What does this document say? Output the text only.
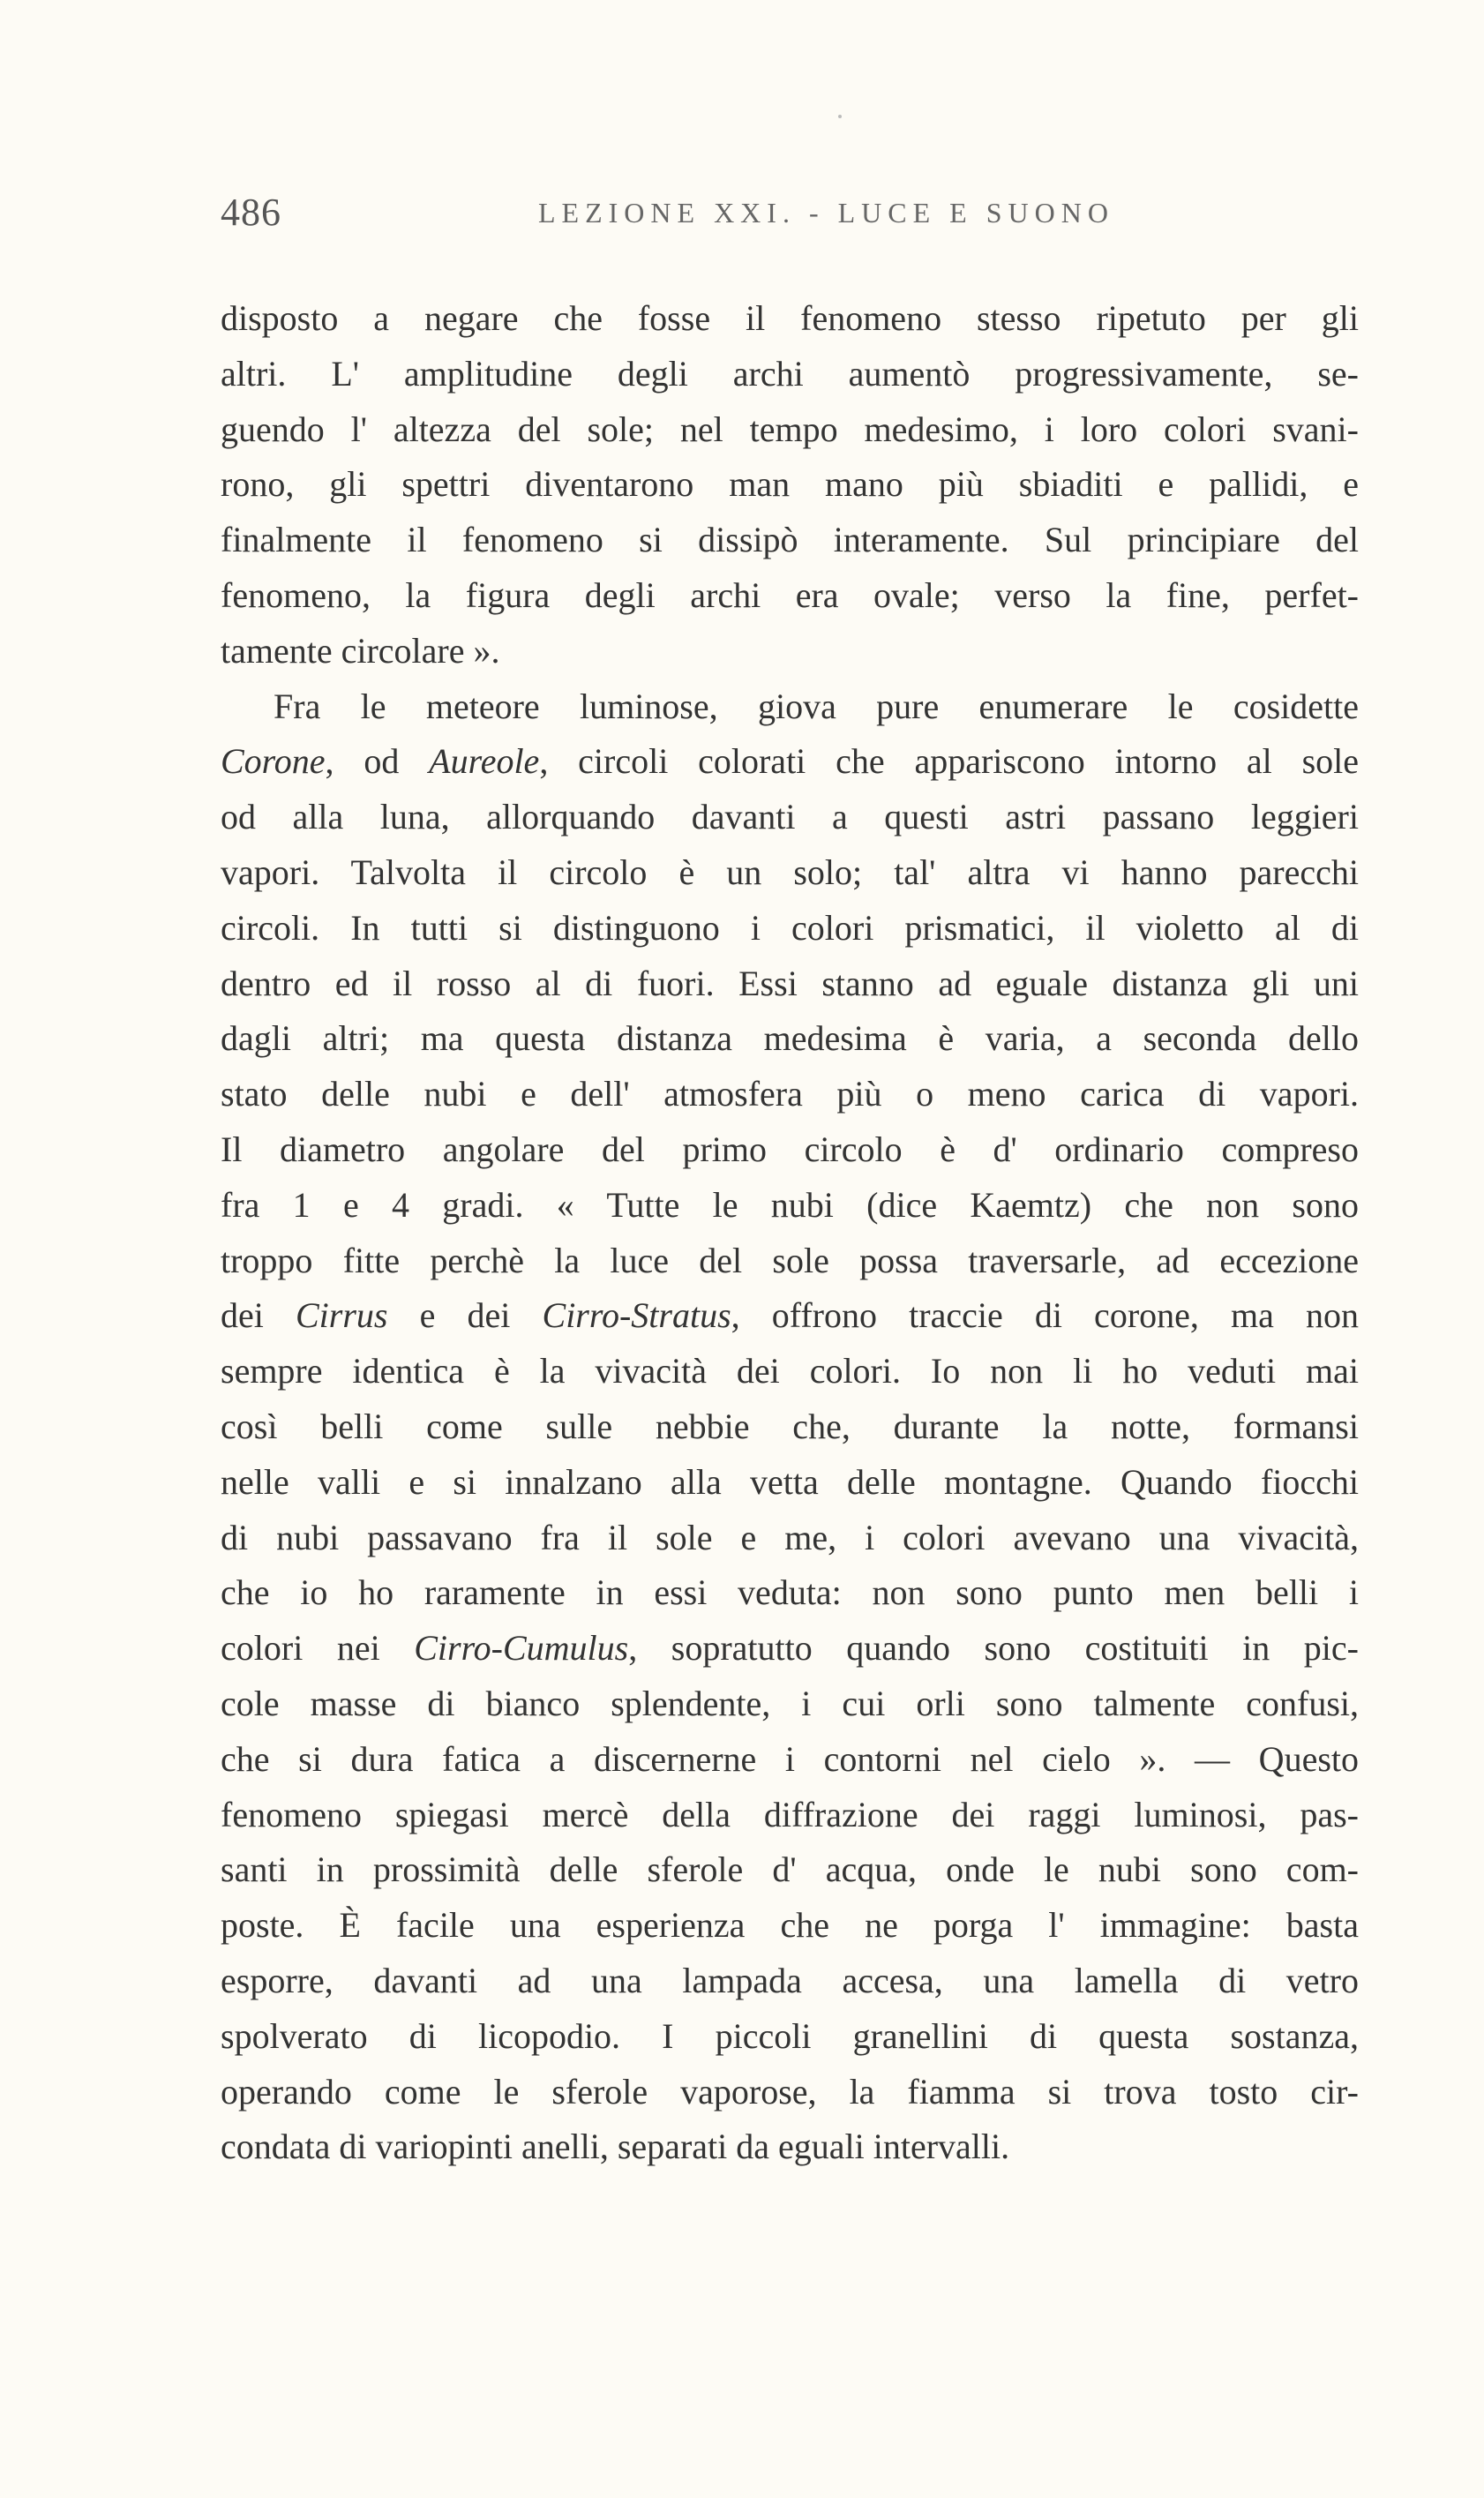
486	LEZIONE XXI. - LUCE E SUONO
disposto a negare che fosse il fenomeno stesso ripetuto per gli
altri. L' amplitudine degli archi aumentò progressivamente, se-
guendo l' altezza del sole; nel tempo medesimo, i loro colori svani-
rono, gli spettri diventarono man mano più sbiaditi e pallidi, e
finalmente il fenomeno si dissipò interamente. Sul principiare del
fenomeno, la figura degli archi era ovale; verso la fine, perfet-
tamente circolare ».
Fra le meteore luminose, giova pure enumerare le cosidette
Corone, od Aureole, circoli colorati che appariscono intorno al sole
od alla luna, allorquando davanti a questi astri passano leggieri
vapori. Talvolta il circolo è un solo; tal' altra vi hanno parecchi
circoli. In tutti si distinguono i colori prismatici, il violetto al di
dentro ed il rosso al di fuori. Essi stanno ad eguale distanza gli uni
dagli altri; ma questa distanza medesima è varia, a seconda dello
stato delle nubi e dell' atmosfera più o meno carica di vapori.
Il diametro angolare del primo circolo è d' ordinario compreso
fra 1 e 4 gradi. « Tutte le nubi (dice Kaemtz) che non sono
troppo fitte perchè la luce del sole possa traversarle, ad eccezione
dei Cirrus e dei Cirro-Stratus, offrono traccie di corone, ma non
sempre identica è la vivacità dei colori. Io non li ho veduti mai
così belli come sulle nebbie che, durante la notte, formansi
nelle valli e si innalzano alla vetta delle montagne. Quando fiocchi
di nubi passavano fra il sole e me, i colori avevano una vivacità,
che io ho raramente in essi veduta: non sono punto men belli i
colori nei Cirro-Cumulus, sopratutto quando sono costituiti in pic-
cole masse di bianco splendente, i cui orli sono talmente confusi,
che si dura fatica a discernerne i contorni nel cielo ». — Questo
fenomeno spiegasi mercè della diffrazione dei raggi luminosi, pas-
santi in prossimità delle sferole d' acqua, onde le nubi sono com-
poste. È facile una esperienza che ne porga l' immagine: basta
esporre, davanti ad una lampada accesa, una lamella di vetro
spolverato di licopodio. I piccoli granellini di questa sostanza,
operando come le sferole vaporose, la fiamma si trova tosto cir-
condata di variopinti anelli, separati da eguali intervalli.
